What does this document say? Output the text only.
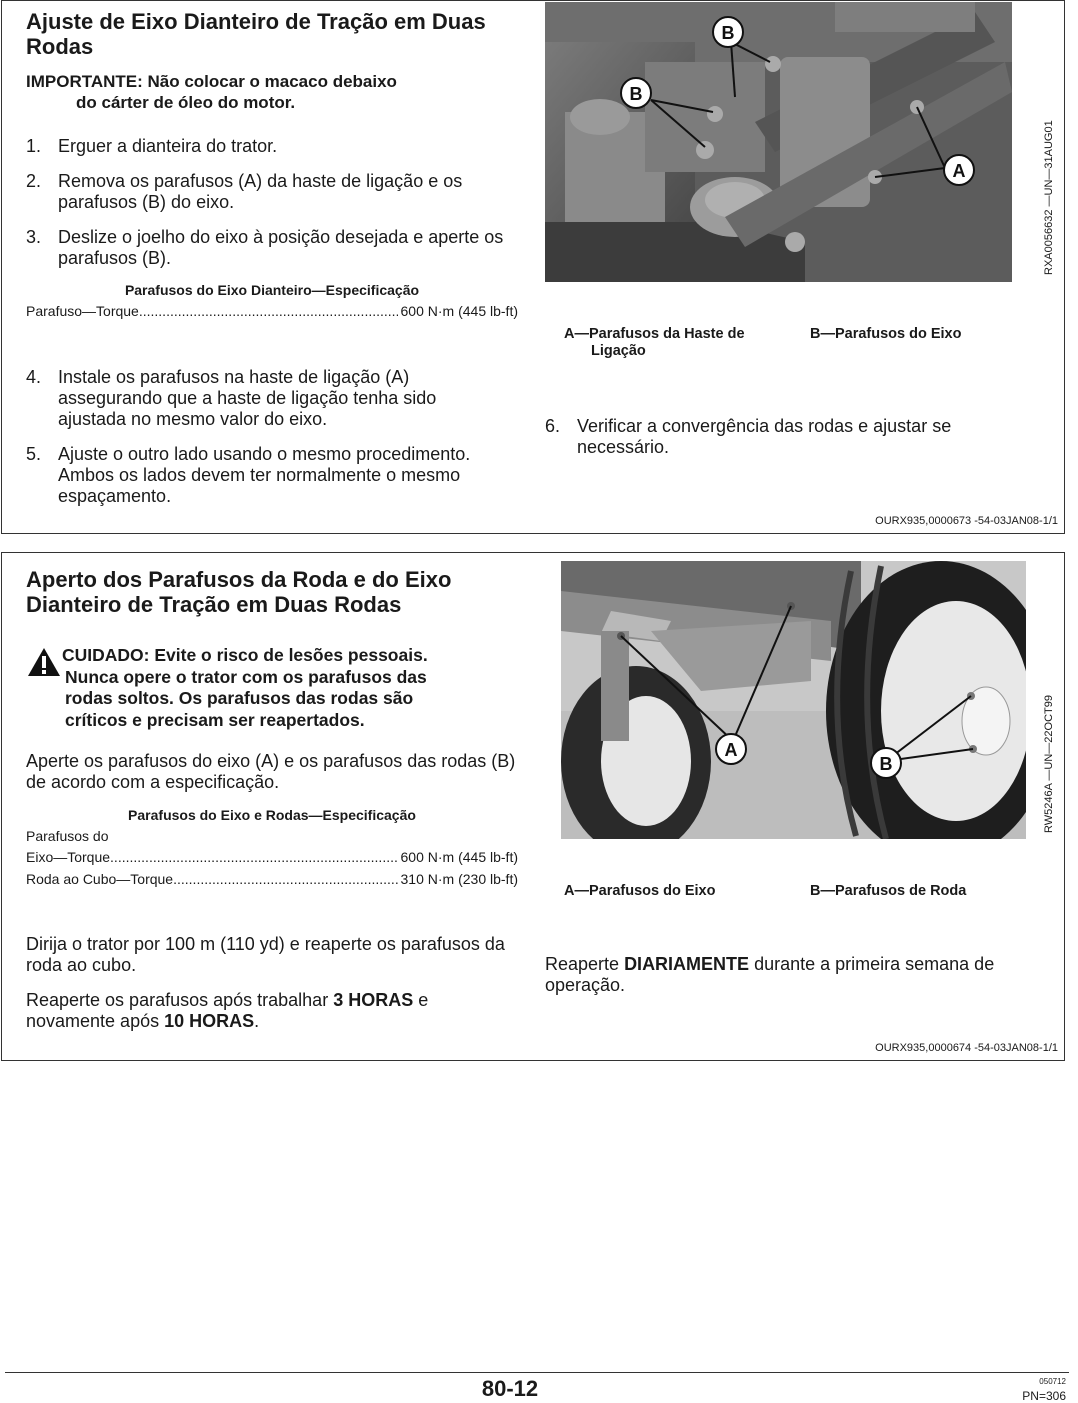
Ajuste de Eixo Dianteiro de Tração em Duas Rodas
IMPORTANTE: Não colocar o macaco debaixo
do cárter de óleo do motor.
1. Erguer a dianteira do trator.
2. Remova os parafusos (A) da haste de ligação e os parafusos (B) do eixo.
3. Deslize o joelho do eixo à posição desejada e aperte os parafusos (B).
Parafusos do Eixo Dianteiro—Especificação
Parafuso—Torque .....	600 N·m (445 lb-ft)
4. Instale os parafusos na haste de ligação (A) assegurando que a haste de ligação tenha sido ajustada no mesmo valor do eixo.
5. Ajuste o outro lado usando o mesmo procedimento. Ambos os lados devem ter normalmente o mesmo espaçamento.
B
B
A	RXA0056632 —UN—31AUG01
A—Parafusos da Haste de
Ligação
B—Parafusos do Eixo
6. Verificar a convergência das rodas e ajustar se necessário.
OURX935,0000673 -54-03JAN08-1/1
Aperto dos Parafusos da Roda e do Eixo Dianteiro de Tração em Duas Rodas
CUIDADO: Evite o risco de lesões pessoais.
Nunca opere o trator com os parafusos das
rodas soltos. Os parafusos das rodas são
críticos e precisam ser reapertados.
Aperte os parafusos do eixo (A) e os parafusos das rodas (B) de acordo com a especificação.
Parafusos do Eixo e Rodas—Especificação
Parafusos do
Eixo—Torque .....	600 N·m (445 lb-ft)
Roda ao Cubo—Torque .....	310 N·m (230 lb-ft)
Dirija o trator por 100 m (110 yd) e reaperte os parafusos da roda ao cubo.
Reaperte os parafusos após trabalhar 3 HORAS e novamente após 10 HORAS.
A
B	RW5246A —UN—22OCT99
A—Parafusos do Eixo	B—Parafusos de Roda
Reaperte DIARIAMENTE durante a primeira semana de operação.
OURX935,0000674 -54-03JAN08-1/1
80-12	050712
PN=306
